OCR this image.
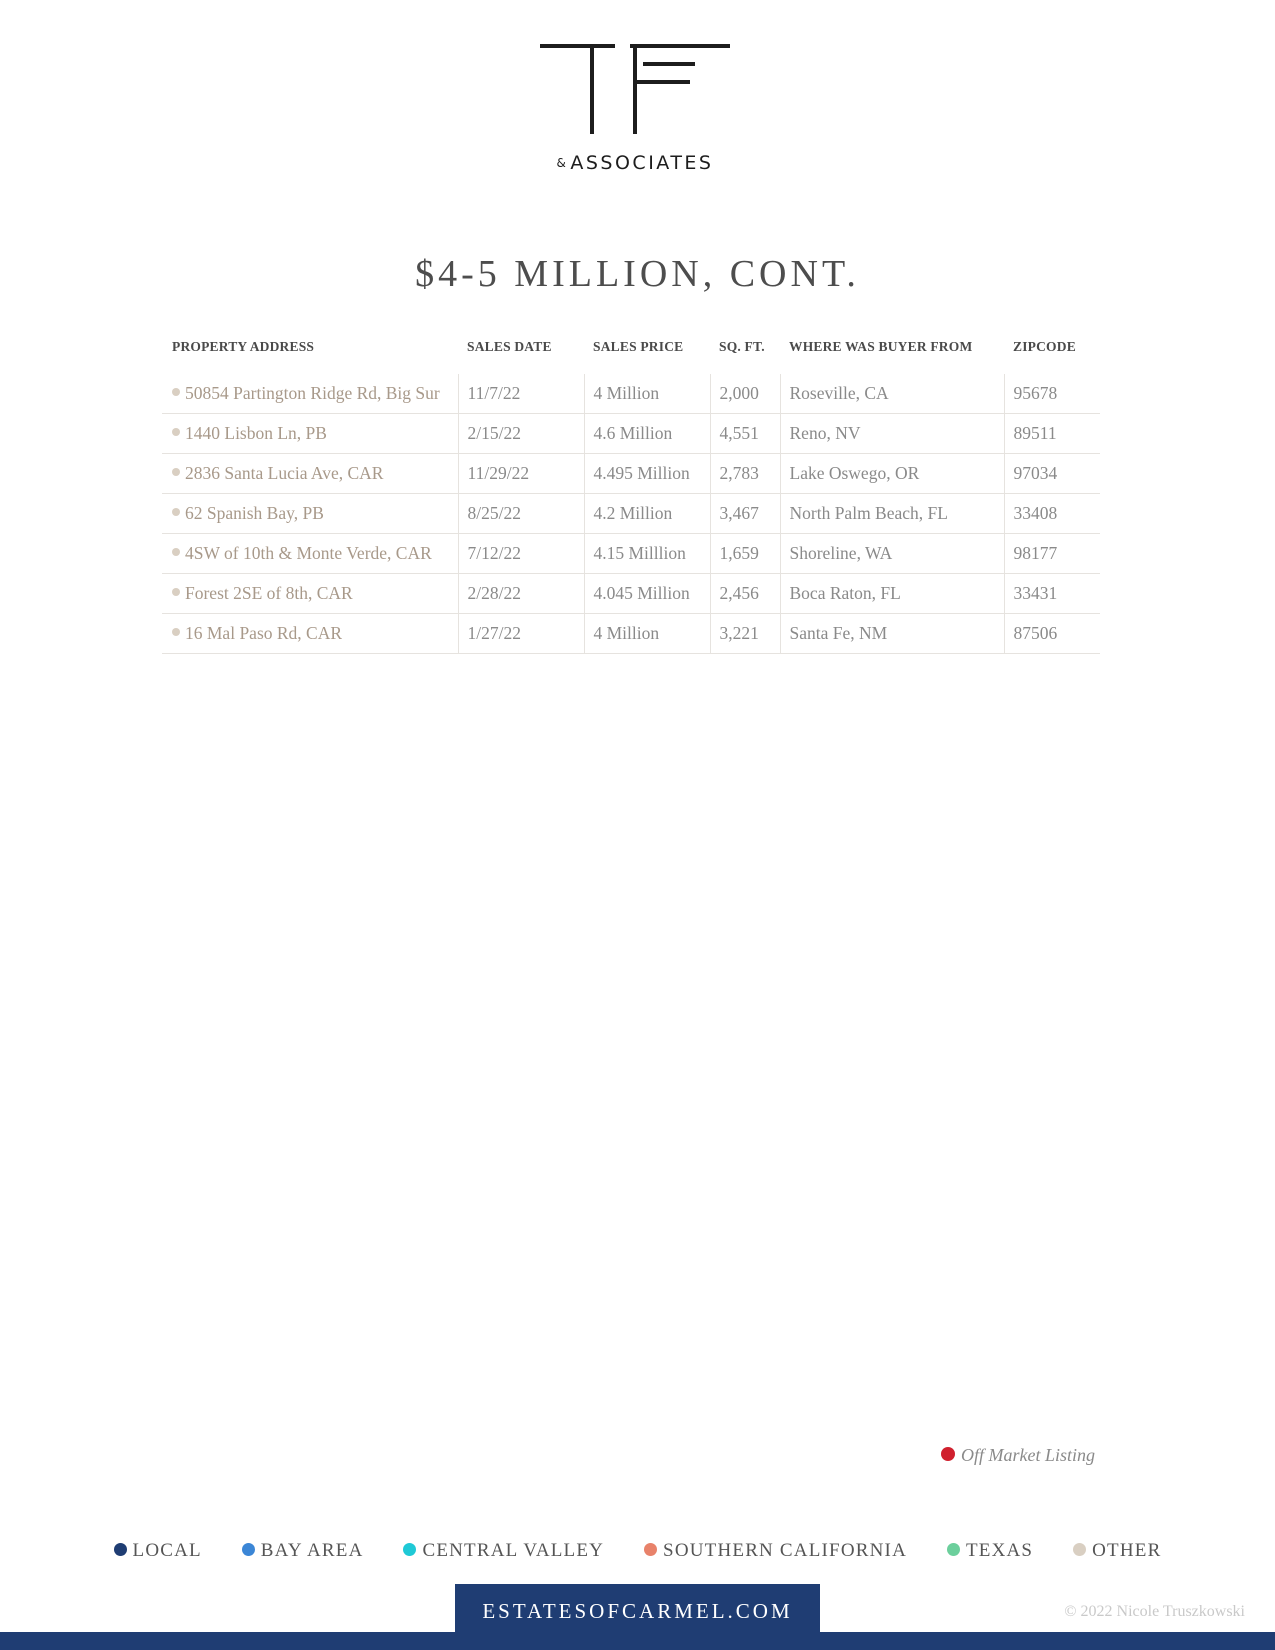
& ASSOCIATES
$4-5 MILLION, CONT.
PROPERTY ADDRESS	SALES DATE	SALES PRICE	SQ. FT.	WHERE WAS BUYER FROM	ZIPCODE
50854 Partington Ridge Rd, Big Sur	11/7/22	4 Million	2,000	Roseville, CA	95678
1440 Lisbon Ln, PB	2/15/22	4.6 Million	4,551	Reno, NV	89511
2836 Santa Lucia Ave, CAR	11/29/22	4.495 Million	2,783	Lake Oswego, OR	97034
62 Spanish Bay, PB	8/25/22	4.2 Million	3,467	North Palm Beach, FL	33408
4SW of 10th & Monte Verde, CAR	7/12/22	4.15 Milllion	1,659	Shoreline, WA	98177
Forest 2SE of 8th, CAR	2/28/22	4.045 Million	2,456	Boca Raton, FL	33431
16 Mal Paso Rd, CAR	1/27/22	4 Million	3,221	Santa Fe, NM	87506
Off Market Listing
LOCAL	BAY AREA	CENTRAL VALLEY	SOUTHERN CALIFORNIA	TEXAS	OTHER
ESTATESOFCARMEL.COM	© 2022 Nicole Truszkowski
